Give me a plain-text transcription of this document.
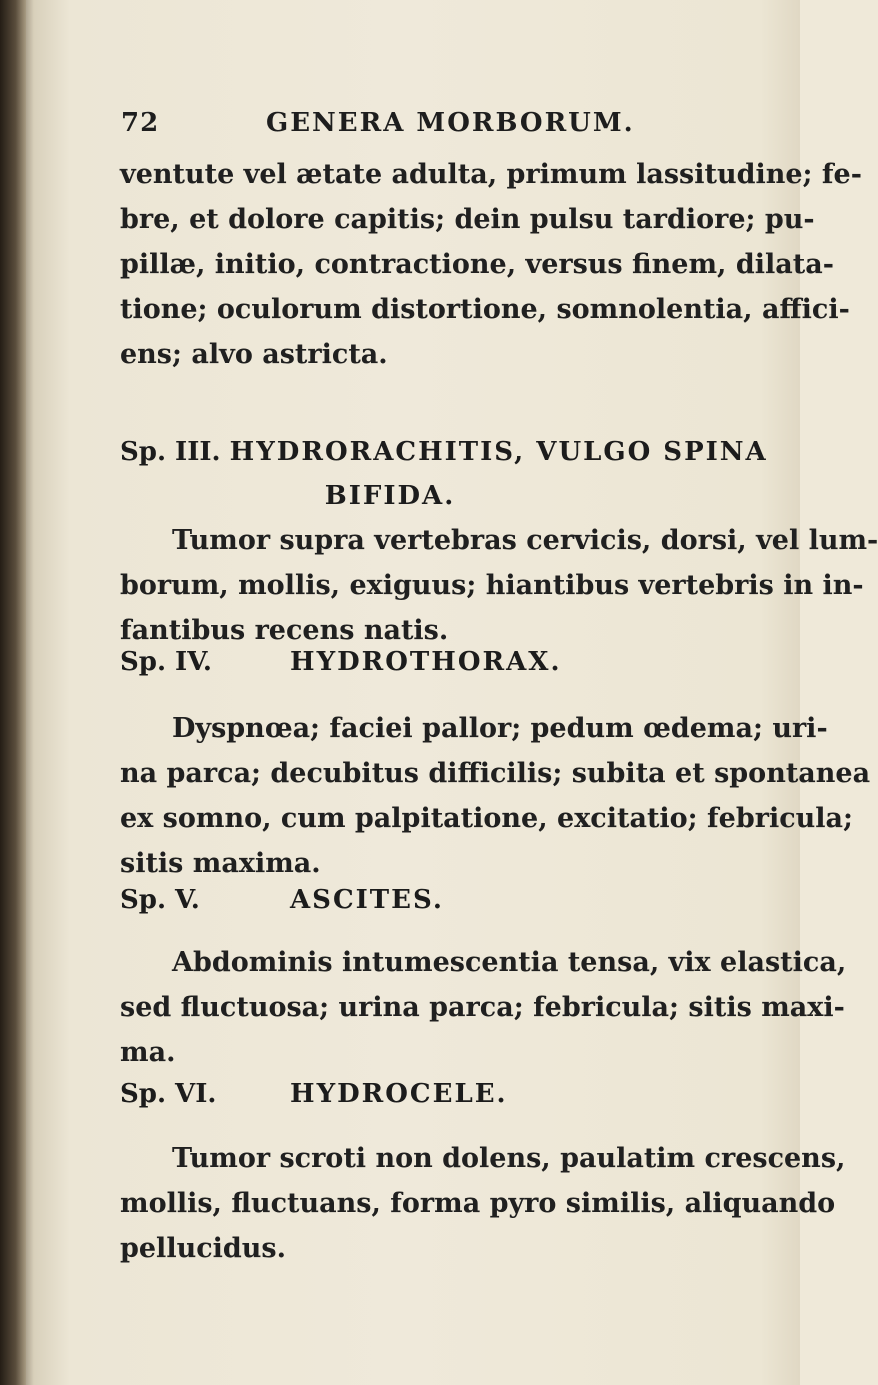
72	GENERA MORBORUM.
ventute vel ætate adulta, primum lassitudine; fe-
bre, et dolore capitis; dein pulsu tardiore; pu-
pillæ, initio, contractione, versus finem, dilata-
tione; oculorum distortione, somnolentia, affici-
ens; alvo astricta.
Sp. III. HYDRORACHITIS, VULGO SPINA
BIFIDA.
Tumor supra vertebras cervicis, dorsi, vel lum-
borum, mollis, exiguus; hiantibus vertebris in in-
fantibus recens natis.
Sp. IV.	HYDROTHORAX.
Dyspnœa; faciei pallor; pedum œdema; uri-
na parca; decubitus difficilis; subita et spontanea
ex somno, cum palpitatione, excitatio; febricula;
sitis maxima.
Sp. V.	ASCITES.
Abdominis intumescentia tensa, vix elastica,
sed fluctuosa; urina parca; febricula; sitis maxi-
ma.
Sp. VI.	HYDROCELE.
Tumor scroti non dolens, paulatim crescens,
mollis, fluctuans, forma pyro similis, aliquando
pellucidus.
